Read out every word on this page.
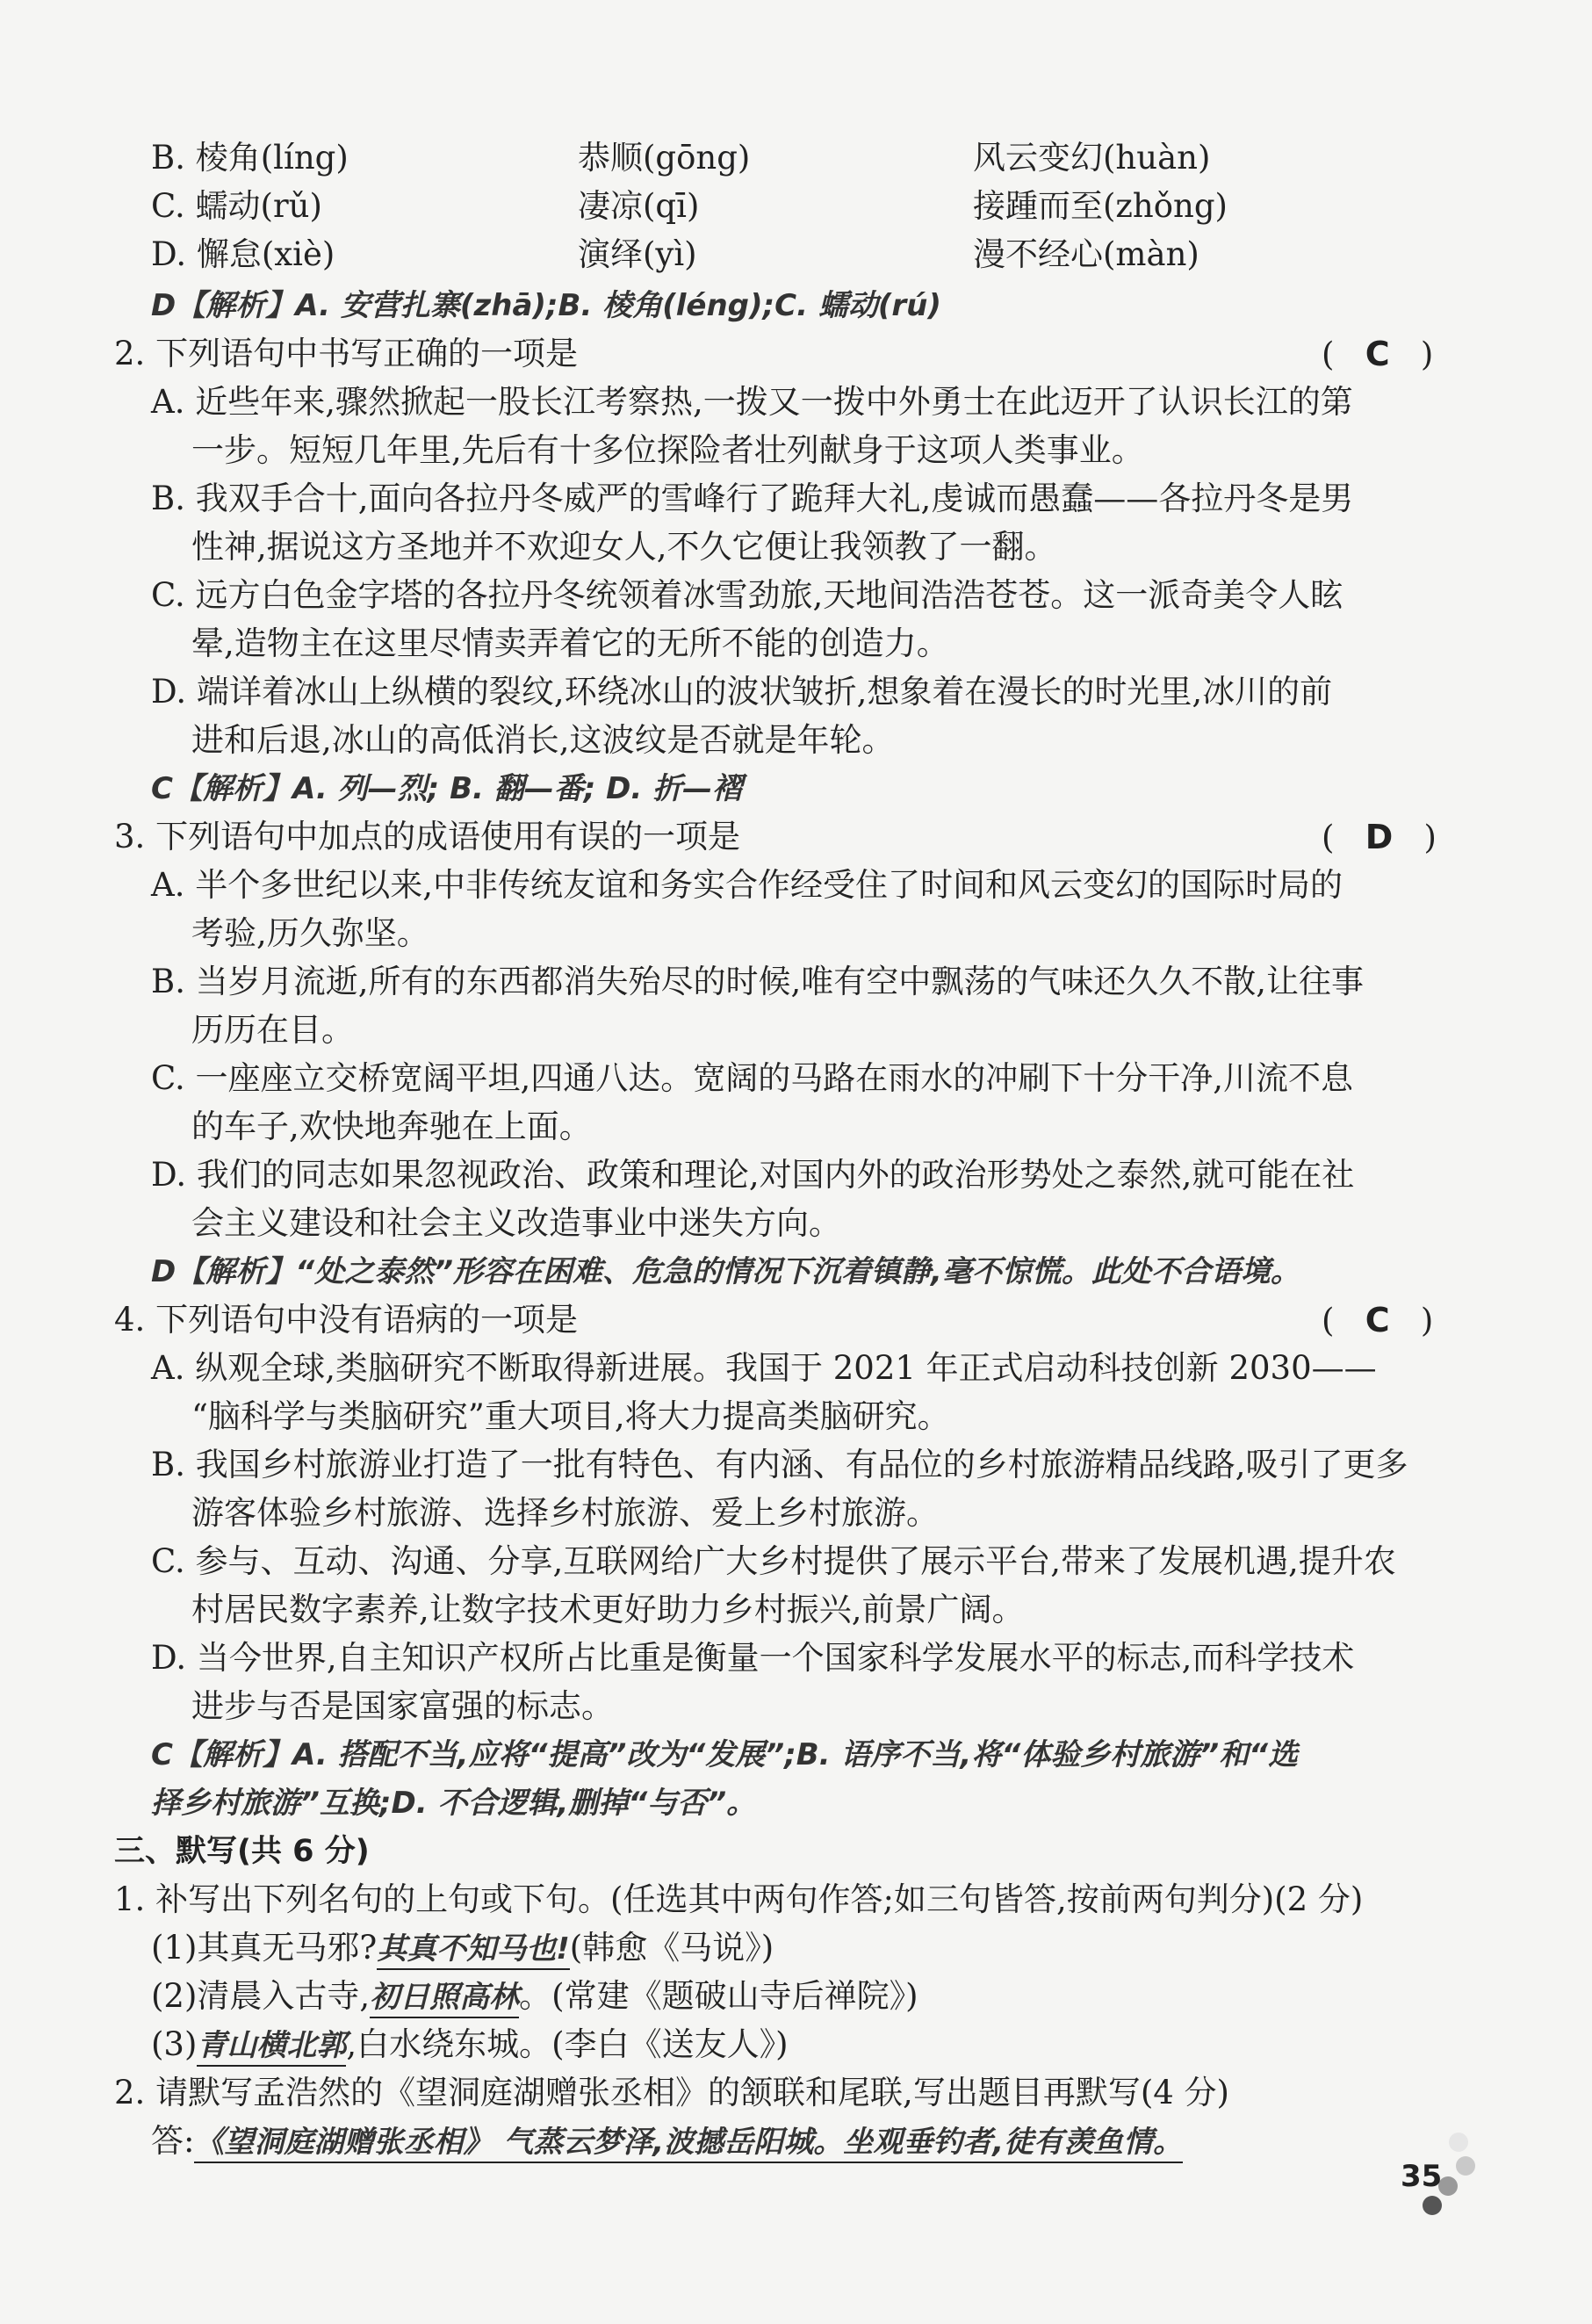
B. 棱角(líng)	恭顺(gōng)	风云变幻(huàn)
C. 蠕动(rǔ)	凄凉(qī)	接踵而至(zhǒng)
D. 懈怠(xiè)	演绎(yì)	漫不经心(màn)
D【解析】A. 安营扎寨(zhā);B. 棱角(léng);C. 蠕动(rú)
2. 下列语句中书写正确的一项是	(   C   )
A. 近些年来,骤然掀起一股长江考察热,一拨又一拨中外勇士在此迈开了认识长江的第
一步。短短几年里,先后有十多位探险者壮列献身于这项人类事业。
B. 我双手合十,面向各拉丹冬威严的雪峰行了跪拜大礼,虔诚而愚蠢——各拉丹冬是男
性神,据说这方圣地并不欢迎女人,不久它便让我领教了一翻。
C. 远方白色金字塔的各拉丹冬统领着冰雪劲旅,天地间浩浩苍苍。这一派奇美令人眩
晕,造物主在这里尽情卖弄着它的无所不能的创造力。
D. 端详着冰山上纵横的裂纹,环绕冰山的波状皱折,想象着在漫长的时光里,冰川的前
进和后退,冰山的高低消长,这波纹是否就是年轮。
C【解析】A. 列—烈; B. 翻—番; D. 折—褶
3. 下列语句中加点的成语使用有误的一项是	(   D   )
A. 半个多世纪以来,中非传统友谊和务实合作经受住了时间和风云变幻的国际时局的
考验,历久弥坚。
B. 当岁月流逝,所有的东西都消失殆尽的时候,唯有空中飘荡的气味还久久不散,让往事
历历在目。
C. 一座座立交桥宽阔平坦,四通八达。宽阔的马路在雨水的冲刷下十分干净,川流不息
的车子,欢快地奔驰在上面。
D. 我们的同志如果忽视政治、政策和理论,对国内外的政治形势处之泰然,就可能在社
会主义建设和社会主义改造事业中迷失方向。
D【解析】“处之泰然”形容在困难、危急的情况下沉着镇静,毫不惊慌。此处不合语境。
4. 下列语句中没有语病的一项是	(   C   )
A. 纵观全球,类脑研究不断取得新进展。我国于 2021 年正式启动科技创新 2030——
“脑科学与类脑研究”重大项目,将大力提高类脑研究。
B. 我国乡村旅游业打造了一批有特色、有内涵、有品位的乡村旅游精品线路,吸引了更多
游客体验乡村旅游、选择乡村旅游、爱上乡村旅游。
C. 参与、互动、沟通、分享,互联网给广大乡村提供了展示平台,带来了发展机遇,提升农
村居民数字素养,让数字技术更好助力乡村振兴,前景广阔。
D. 当今世界,自主知识产权所占比重是衡量一个国家科学发展水平的标志,而科学技术
进步与否是国家富强的标志。
C【解析】A. 搭配不当,应将“提高”改为“发展”;B. 语序不当,将“体验乡村旅游”和“选
择乡村旅游”互换;D. 不合逻辑,删掉“与否”。
三、默写(共 6 分)
1. 补写出下列名句的上句或下句。(任选其中两句作答;如三句皆答,按前两句判分)(2 分)
(1)其真无马邪?其真不知马也!(韩愈《马说》)
(2)清晨入古寺,初日照高林。(常建《题破山寺后禅院》)
(3)青山横北郭,白水绕东城。(李白《送友人》)
2. 请默写孟浩然的《望洞庭湖赠张丞相》的颔联和尾联,写出题目再默写(4 分)
答:《望洞庭湖赠张丞相》 气蒸云梦泽,波撼岳阳城。坐观垂钓者,徒有羡鱼情。
35
